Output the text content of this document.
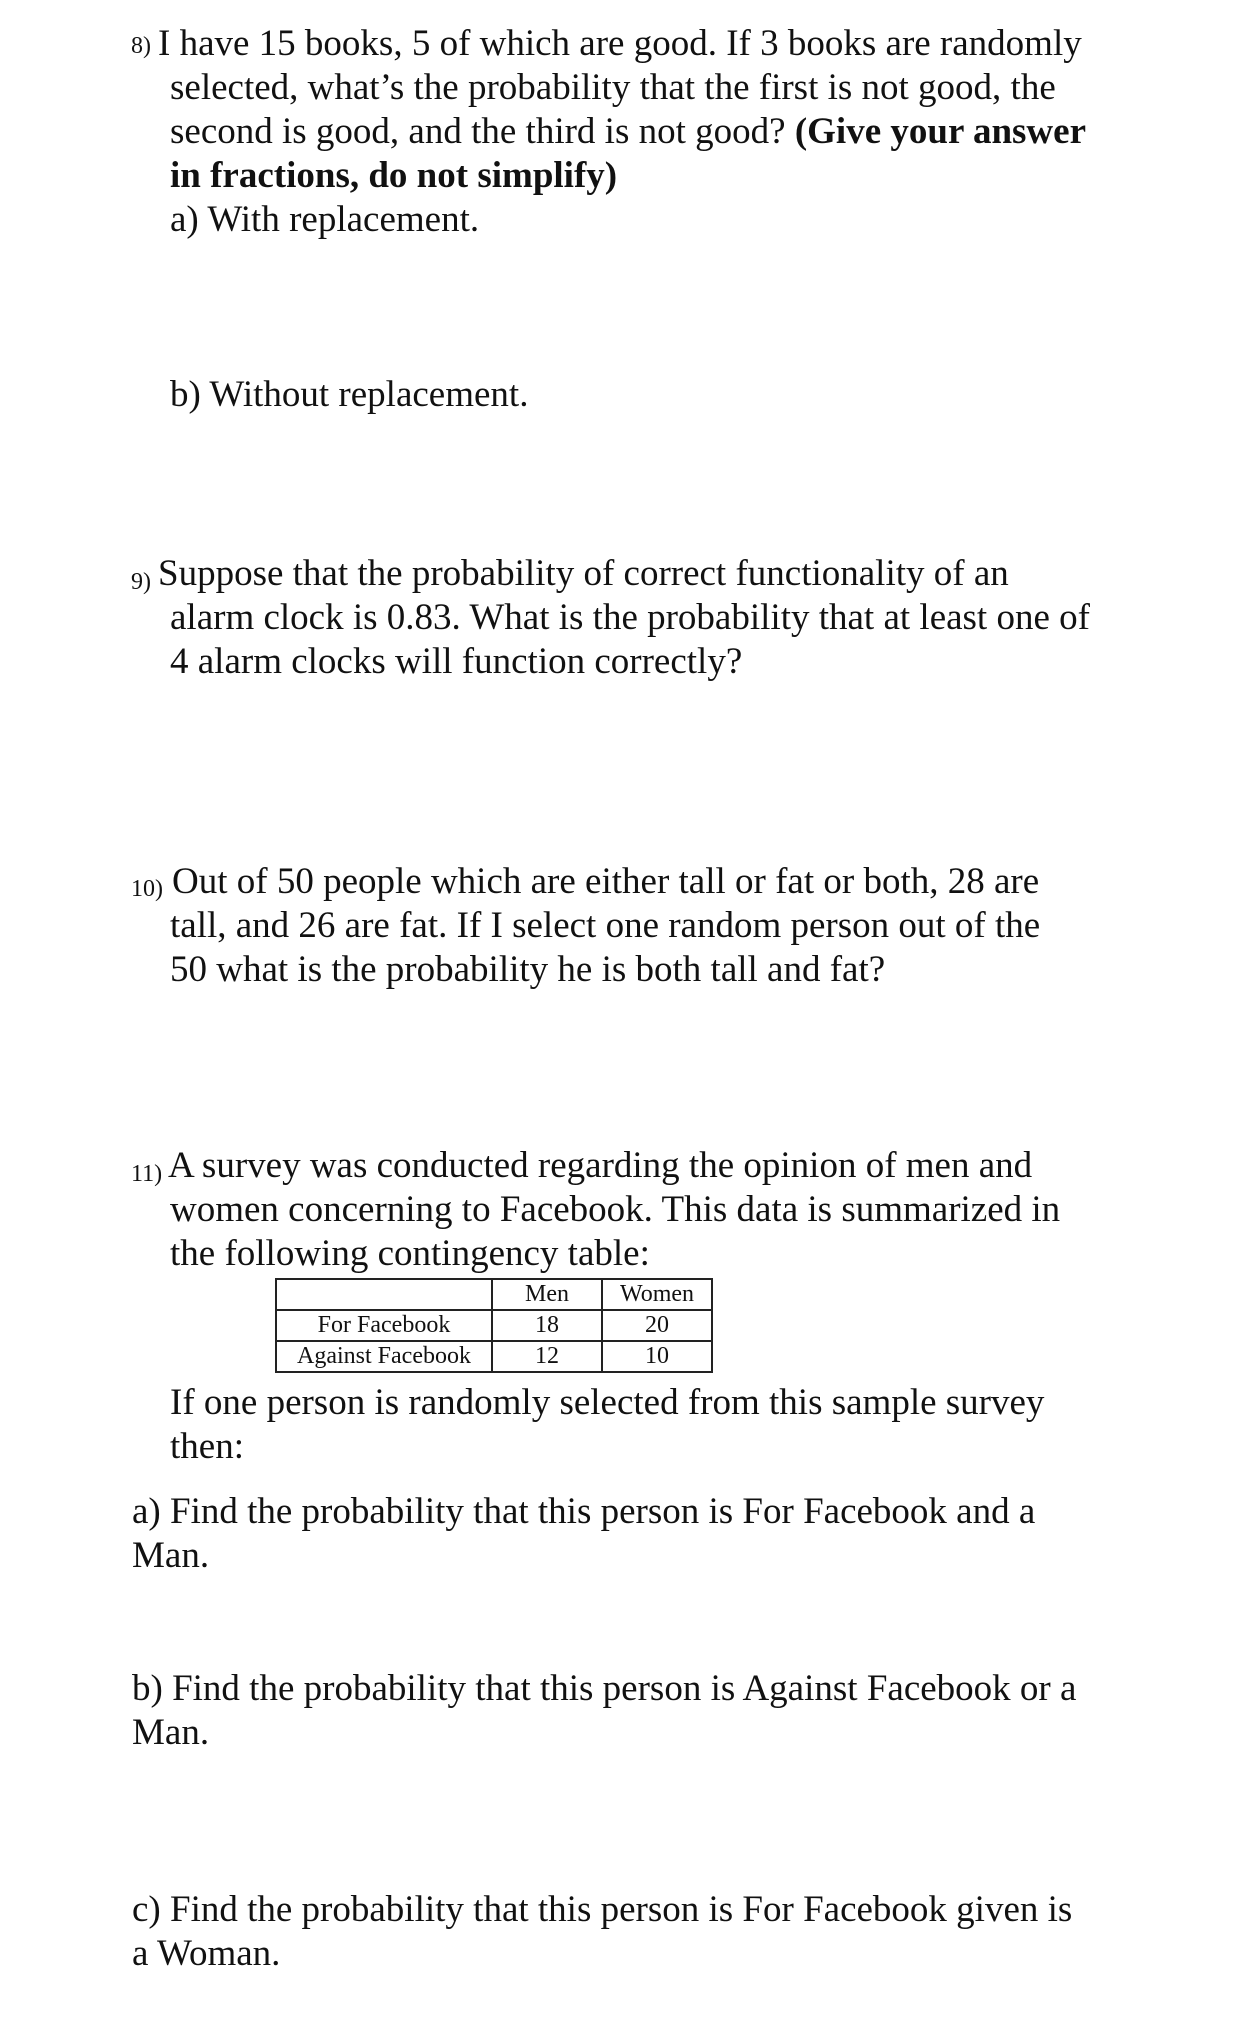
8) I have 15 books, 5 of which are good. If 3 books are randomly
selected, what’s the probability that the first is not good, the
second is good, and the third is not good? (Give your answer
in fractions, do not simplify)
a) With replacement.
b) Without replacement.
9) Suppose that the probability of correct functionality of an
alarm clock is 0.83. What is the probability that at least one of
4 alarm clocks will function correctly?
10) Out of 50 people which are either tall or fat or both, 28 are
tall, and 26 are fat. If I select one random person out of the
50 what is the probability he is both tall and fat?
11) A survey was conducted regarding the opinion of men and
women concerning to Facebook. This data is summarized in
the following contingency table:
	Men	Women
For Facebook	18	20
Against Facebook	12	10
If one person is randomly selected from this sample survey
then:
a) Find the probability that this person is For Facebook and a
Man.
b) Find the probability that this person is Against Facebook or a
Man.
c) Find the probability that this person is For Facebook given is
a Woman.
